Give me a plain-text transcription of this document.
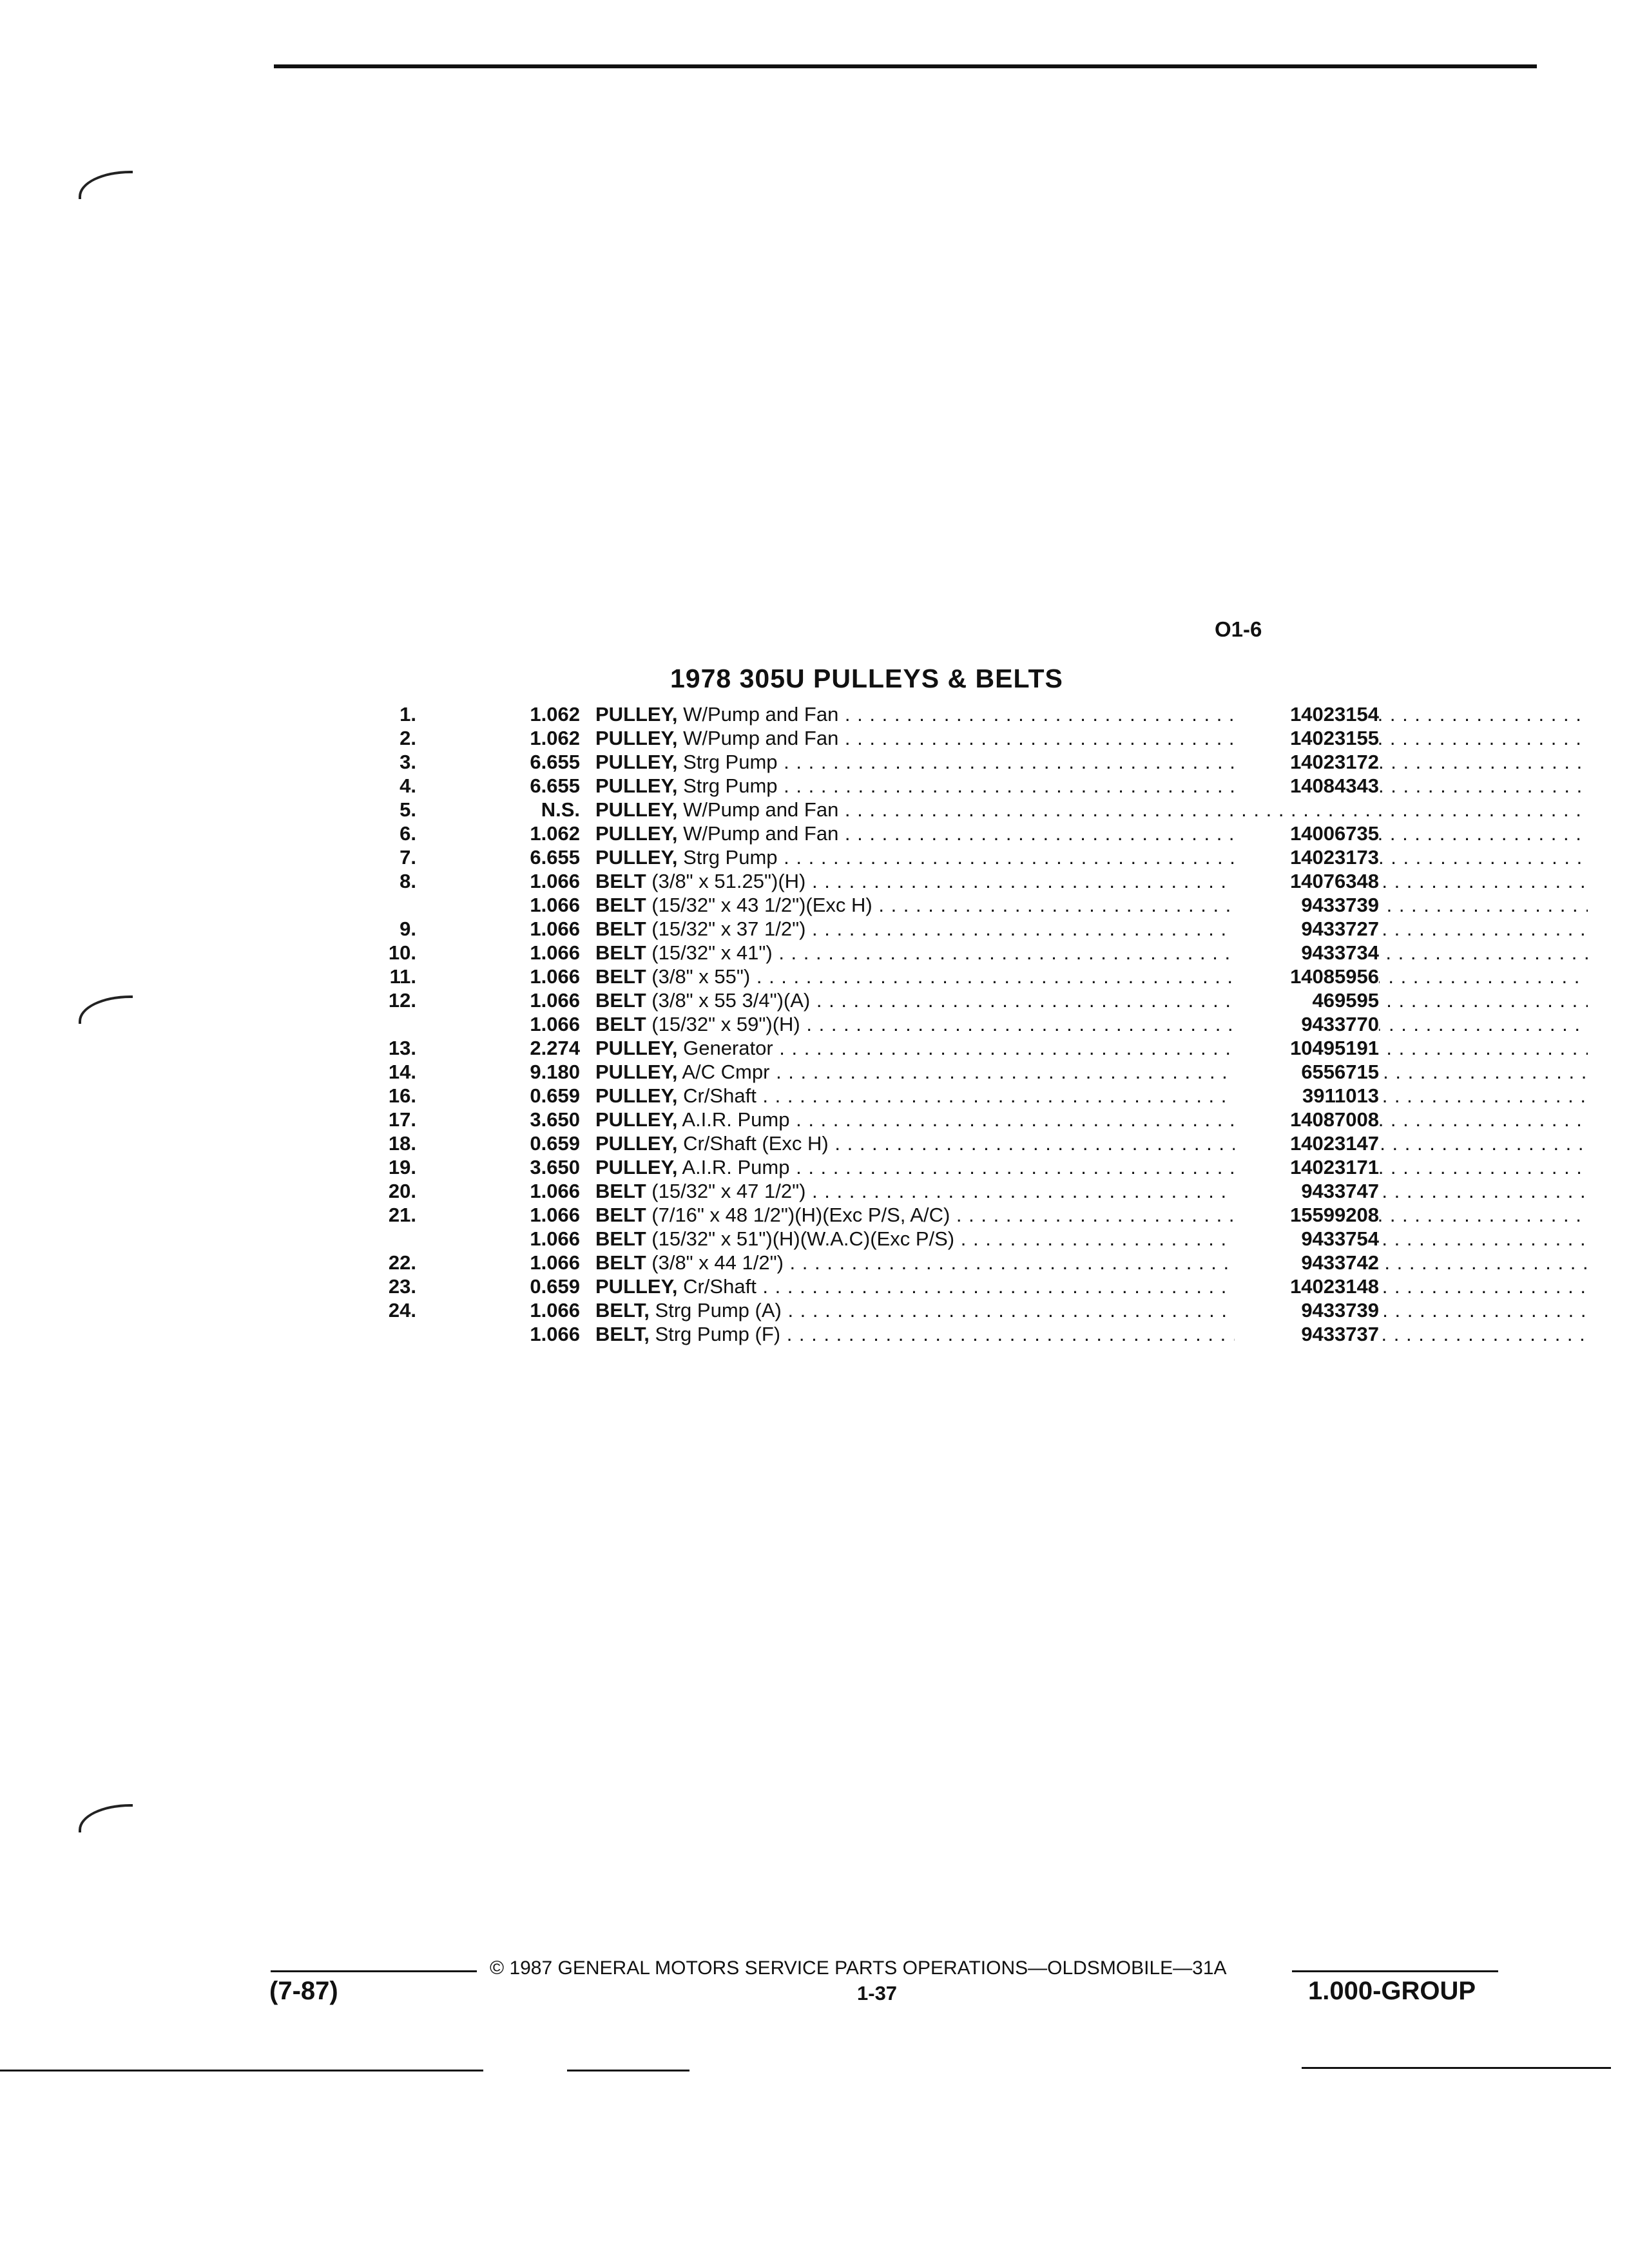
O1-6
1978 305U PULLEYS & BELTS
1.	1.062 PULLEY, W/Pump and Fan . . .	14023154
2.	1.062 PULLEY, W/Pump and Fan . . .	14023155
3.	6.655 PULLEY, Strg Pump . . .	14023172
4.	6.655 PULLEY, Strg Pump . . .	14084343
5.	N.S. PULLEY, W/Pump and Fan . . .
6.	1.062 PULLEY, W/Pump and Fan . . .	14006735
7.	6.655 PULLEY, Strg Pump . . .	14023173
8.	1.066 BELT (3/8" x 51.25")(H) . . .	14076348
1.066 BELT (15/32" x 43 1/2")(Exc H) . . .	9433739
9.	1.066 BELT (15/32" x 37 1/2") . . .	9433727
10.	1.066 BELT (15/32" x 41") . . .	9433734
11.	1.066 BELT (3/8" x 55") . . .	14085956
12.	1.066 BELT (3/8" x 55 3/4")(A) . . .	469595
1.066 BELT (15/32" x 59")(H) . . .	9433770
13.	2.274 PULLEY, Generator . . .	10495191
14.	9.180 PULLEY, A/C Cmpr . . .	6556715
16.	0.659 PULLEY, Cr/Shaft . . .	3911013
17.	3.650 PULLEY, A.I.R. Pump . . .	14087008
18.	0.659 PULLEY, Cr/Shaft (Exc H) . . .	14023147
19.	3.650 PULLEY, A.I.R. Pump . . .	14023171
20.	1.066 BELT (15/32" x 47 1/2") . . .	9433747
21.	1.066 BELT (7/16" x 48 1/2")(H)(Exc P/S, A/C) . . .	15599208
1.066 BELT (15/32" x 51")(H)(W.A.C)(Exc P/S) . . .	9433754
22.	1.066 BELT (3/8" x 44 1/2") . . .	9433742
23.	0.659 PULLEY, Cr/Shaft . . .	14023148
24.	1.066 BELT, Strg Pump (A) . . .	9433739
1.066 BELT, Strg Pump (F) . . .	9433737
© 1987 GENERAL MOTORS SERVICE PARTS OPERATIONS—OLDSMOBILE—31A
(7-87)	1-37	1.000-GROUP
